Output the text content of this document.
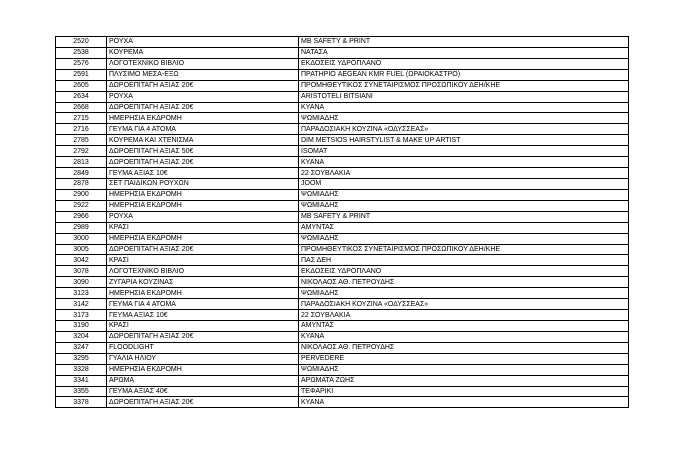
2520	ΡΟΥΧΑ	MB SAFETY & PRINT
2538	ΚΟΥΡΕΜΑ	ΝΑΤΑΣΑ
2576	ΛΟΓΟΤΕΧΝΙΚΟ ΒΙΒΛΙΟ	ΕΚΔΟΣΕΙΣ ΥΔΡΟΠΛΑΝΟ
2591	ΠΛΥΣΙΜΟ ΜΕΣΑ-ΕΞΩ	ΠΡΑΤΗΡΙΟ AEGEAN KMR FUEL (ΩΡΑΙΟΚΑΣΤΡΟ)
2605	ΔΩΡΟΕΠΙΤΑΓΗ ΑΞΙΑΣ 20€	ΠΡΟΜΗΘΕΥΤΙΚΟΣ ΣΥΝΕΤΑΙΡΙΣΜΟΣ ΠΡΟΣΩΠΙΚΟΥ ΔΕΗ/ΚΗΕ
2634	ΡΟΥΧΑ	ARISTOTELI BITSIANI
2668	ΔΩΡΟΕΠΙΤΑΓΗ ΑΞΙΑΣ 20€	ΚΥΑΝΑ
2715	ΗΜΕΡΗΣΙΑ ΕΚΔΡΟΜΗ	ΨΩΜΙΑΔΗΣ
2716	ΓΕΥΜΑ ΓΙΑ 4 ΑΤΟΜΑ	ΠΑΡΑΔΟΣΙΑΚΗ ΚΟΥΖΙΝΑ «ΟΔΥΣΣΕΑΣ»
2785	ΚΟΥΡΕΜΑ ΚΑΙ ΧΤΕΝΙΣΜΑ	DIM METSIOS HAIRSTYLIST & MAKE UP ARTIST
2792	ΔΩΡΟΕΠΙΤΑΓΗ ΑΞΙΑΣ 50€	ISOMAT
2813	ΔΩΡΟΕΠΙΤΑΓΗ ΑΞΙΑΣ 20€	ΚΥΑΝΑ
2849	ΓΕΥΜΑ ΑΞΙΑΣ 10€	22 ΣΟΥΒΛΑΚΙΑ
2878	ΣΕΤ ΠΑΙΔΙΚΩΝ ΡΟΥΧΩΝ	JOOM
2900	ΗΜΕΡΗΣΙΑ ΕΚΔΡΟΜΗ	ΨΩΜΙΑΔΗΣ
2922	ΗΜΕΡΗΣΙΑ ΕΚΔΡΟΜΗ	ΨΩΜΙΑΔΗΣ
2966	ΡΟΥΧΑ	MB SAFETY & PRINT
2989	ΚΡΑΣΙ	ΑΜΥΝΤΑΣ
3000	ΗΜΕΡΗΣΙΑ ΕΚΔΡΟΜΗ	ΨΩΜΙΑΔΗΣ
3005	ΔΩΡΟΕΠΙΤΑΓΗ ΑΞΙΑΣ 20€	ΠΡΟΜΗΘΕΥΤΙΚΟΣ ΣΥΝΕΤΑΙΡΙΣΜΟΣ ΠΡΟΣΩΠΙΚΟΥ ΔΕΗ/ΚΗΕ
3042	ΚΡΑΣΙ	ΠΑΣ ΔΕΗ
3078	ΛΟΓΟΤΕΧΝΙΚΟ ΒΙΒΛΙΟ	ΕΚΔΟΣΕΙΣ ΥΔΡΟΠΛΑΝΟ
3090	ΖΥΓΑΡΙΑ ΚΟΥΖΙΝΑΣ	ΝΙΚΟΛΑΟΣ ΑΘ. ΠΕΤΡΟΥΔΗΣ
3123	ΗΜΕΡΗΣΙΑ ΕΚΔΡΟΜΗ	ΨΩΜΙΑΔΗΣ
3142	ΓΕΥΜΑ ΓΙΑ 4 ΑΤΟΜΑ	ΠΑΡΑΔΟΣΙΑΚΗ ΚΟΥΖΙΝΑ «ΟΔΥΣΣΕΑΣ»
3173	ΓΕΥΜΑ ΑΞΙΑΣ 10€	22 ΣΟΥΒΛΑΚΙΑ
3190	ΚΡΑΣΙ	ΑΜΥΝΤΑΣ
3204	ΔΩΡΟΕΠΙΤΑΓΗ ΑΞΙΑΣ 20€	ΚΥΑΝΑ
3247	FLOODLIGHT	ΝΙΚΟΛΑΟΣ ΑΘ. ΠΕΤΡΟΥΔΗΣ
3295	ΓΥΑΛΙΑ ΗΛΙΟΥ	PERVEDERE
3328	ΗΜΕΡΗΣΙΑ ΕΚΔΡΟΜΗ	ΨΩΜΙΑΔΗΣ
3341	ΑΡΩΜΑ	ΑΡΩΜΑΤΑ ΖΩΗΣ
3355	ΓΕΥΜΑ ΑΞΙΑΣ 40€	ΤΕΦΑΡΙΚΙ
3378	ΔΩΡΟΕΠΙΤΑΓΗ ΑΞΙΑΣ 20€	ΚΥΑΝΑ
